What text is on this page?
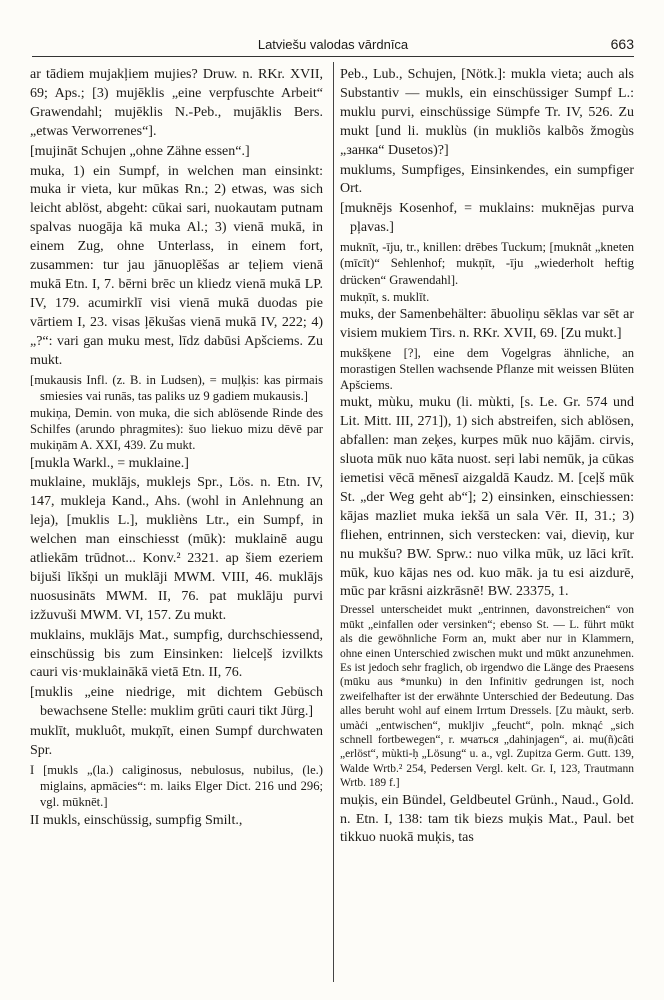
Latviešu valodas vārdnīca	663

ar tādiem mujakļiem mujies? Druw. n. RKr. XVII, 69; Aps.; [3) mujēklis „eine verpfuschte Arbeit“ Grawendahl; mujēklis N.-Peb., mujāklis Bers. „etwas Verworrenes“].

[mujināt Schujen „ohne Zähne essen“.]

muka, 1) ein Sumpf, in welchen man einsinkt: muka ir vieta, kur mūkas Rn.; 2) etwas, was sich leicht ablöst, abgeht: cūkai sari, nuokautam putnam spalvas nuogāja kā muka Al.; 3) vienā mukā, in einem Zug, ohne Unterlass, in einem fort, zusammen: tur jau jānuoplēšas ar teļiem vienā mukā Etn. I, 7. bērni brēc un kliedz vienā mukā LP. IV, 179. acumirklī visi vienā mukā duodas pie vārtiem I, 23. visas ļēkušas vienā mukā IV, 222; 4) „?“: vari gan muku mest, līdz dabūsi Apšciems. Zu mukt.

[mukausis Infl. (z. B. in Ludsen), = muļķis: kas pirmais smiesies vai runās, tas paliks uz 9 gadiem mukausis.]

mukiņa, Demin. von muka, die sich ablösende Rinde des Schilfes (arundo phragmites): šuo liekuo mizu dēvē par mukiņām A. XXI, 439. Zu mukt.

[mukla Warkl., = muklaine.]

muklaine, muklājs, muklejs Spr., Lös. n. Etn. IV, 147, mukleja Kand., Ahs. (wohl in Anlehnung an leja), [muklis L.], muklièns Ltr., ein Sumpf, in welchen man einschiesst (mūk): muklainē augu atliekām trūdnot... Konv.² 2321. ap šiem ezeriem bijuši līkšņi un muklāji MWM. VIII, 46. muklājs nuosusināts MWM. II, 76. pat muklāju purvi izžuvuši MWM. VI, 157. Zu mukt.

muklains, muklājs Mat., sumpfig, durchschiessend, einschüssig bis zum Einsinken: lielceļš izvilkts cauri vis·muklainākā vietā Etn. II, 76.

[muklis „eine niedrige, mit dichtem Gebüsch bewachsene Stelle: muklim grūti cauri tikt Jürg.]

muklīt, mukluôt, mukņīt, einen Sumpf durchwaten Spr.

I [mukls „(la.) caliginosus, nebulosus, nubilus, (le.) miglains, apmācies“: m. laiks Elger Dict. 216 und 296; vgl. mūknēt.]

II mukls, einschüssig, sumpfig Smilt.,

Peb., Lub., Schujen, [Nötk.]: mukla vieta; auch als Substantiv — mukls, ein einschüssiger Sumpf L.: muklu purvi, einschüssige Sümpfe Tr. IV, 526. Zu mukt [und li. muklùs (in mukliõs kalbõs žmogùs „занка“ Dusetos)?]

muklums, Sumpfiges, Einsinkendes, ein sumpfiger Ort.

[muknējs Kosenhof, = muklains: muknējas purva pļavas.]

muknīt, -īju, tr., knillen: drēbes Tuckum; [muknât „kneten (mīcīt)“ Sehlenhof; mukņīt, -īju „wiederholt heftig drücken“ Grawendahl].

mukņīt, s. muklīt.

muks, der Samenbehälter: ābuoliņu sēklas var sēt ar visiem mukiem Tirs. n. RKr. XVII, 69. [Zu mukt.]

mukšķene [?], eine dem Vogelgras ähnliche, an morastigen Stellen wachsende Pflanze mit weissen Blüten Apšciems.

mukt, mùku, muku (li. mùkti, [s. Le. Gr. 574 und Lit. Mitt. III, 271]), 1) sich abstreifen, sich ablösen, abfallen: man zeķes, kurpes mūk nuo kājām. cirvis, sluota mūk nuo kāta nuost. seŗi labi nemūk, ja cūkas iemetisi vēcā mēnesī aizgaldā Kaudz. M. [ceļš mūk St. „der Weg geht ab“]; 2) einsinken, einschiessen: kājas mazliet muka iekšā un sala Vēr. II, 31.; 3) fliehen, entrinnen, sich verstecken: vai, dieviņ, kur nu mukšu? BW. Sprw.: nuo vilka mūk, uz lāci krīt. mūk, kuo kājas nes od. kuo māk. ja tu esi aizdurē, mūc par krāsni aizkrāsnē! BW. 23375, 1.

Dressel unterscheidet mukt „entrinnen, davonstreichen“ von mūkt „einfallen oder versinken“; ebenso St. — L. führt mūkt als die gewöhnliche Form an, mukt aber nur in Klammern, ohne einen Unterschied zwischen mukt und mūkt anzunehmen. Es ist jedoch sehr fraglich, ob irgendwo die Länge des Praesens (mūku aus *munku) in den Infinitiv gedrungen ist, noch zweifelhafter ist der erwähnte Unterschied der Bedeutung. Das alles beruht wohl auf einem Irrtum Dressels. [Zu màukt, serb. umàći „entwischen“, mukljiv „feucht“, poln. mknąć „sich schnell fortbewegen“, r. мчаться „dahinjagen“, ai. mu(ñ)câti „erlöst“, mùkti-ḥ „Lösung“ u. a., vgl. Zupitza Germ. Gutt. 139, Walde Wrtb.² 254, Pedersen Vergl. kelt. Gr. I, 123, Trautmann Wrtb. 189 f.]

muķis, ein Bündel, Geldbeutel Grünh., Naud., Gold. n. Etn. I, 138: tam tik biezs muķis Mat., Paul. bet tikkuo nuokā muķis, tas
